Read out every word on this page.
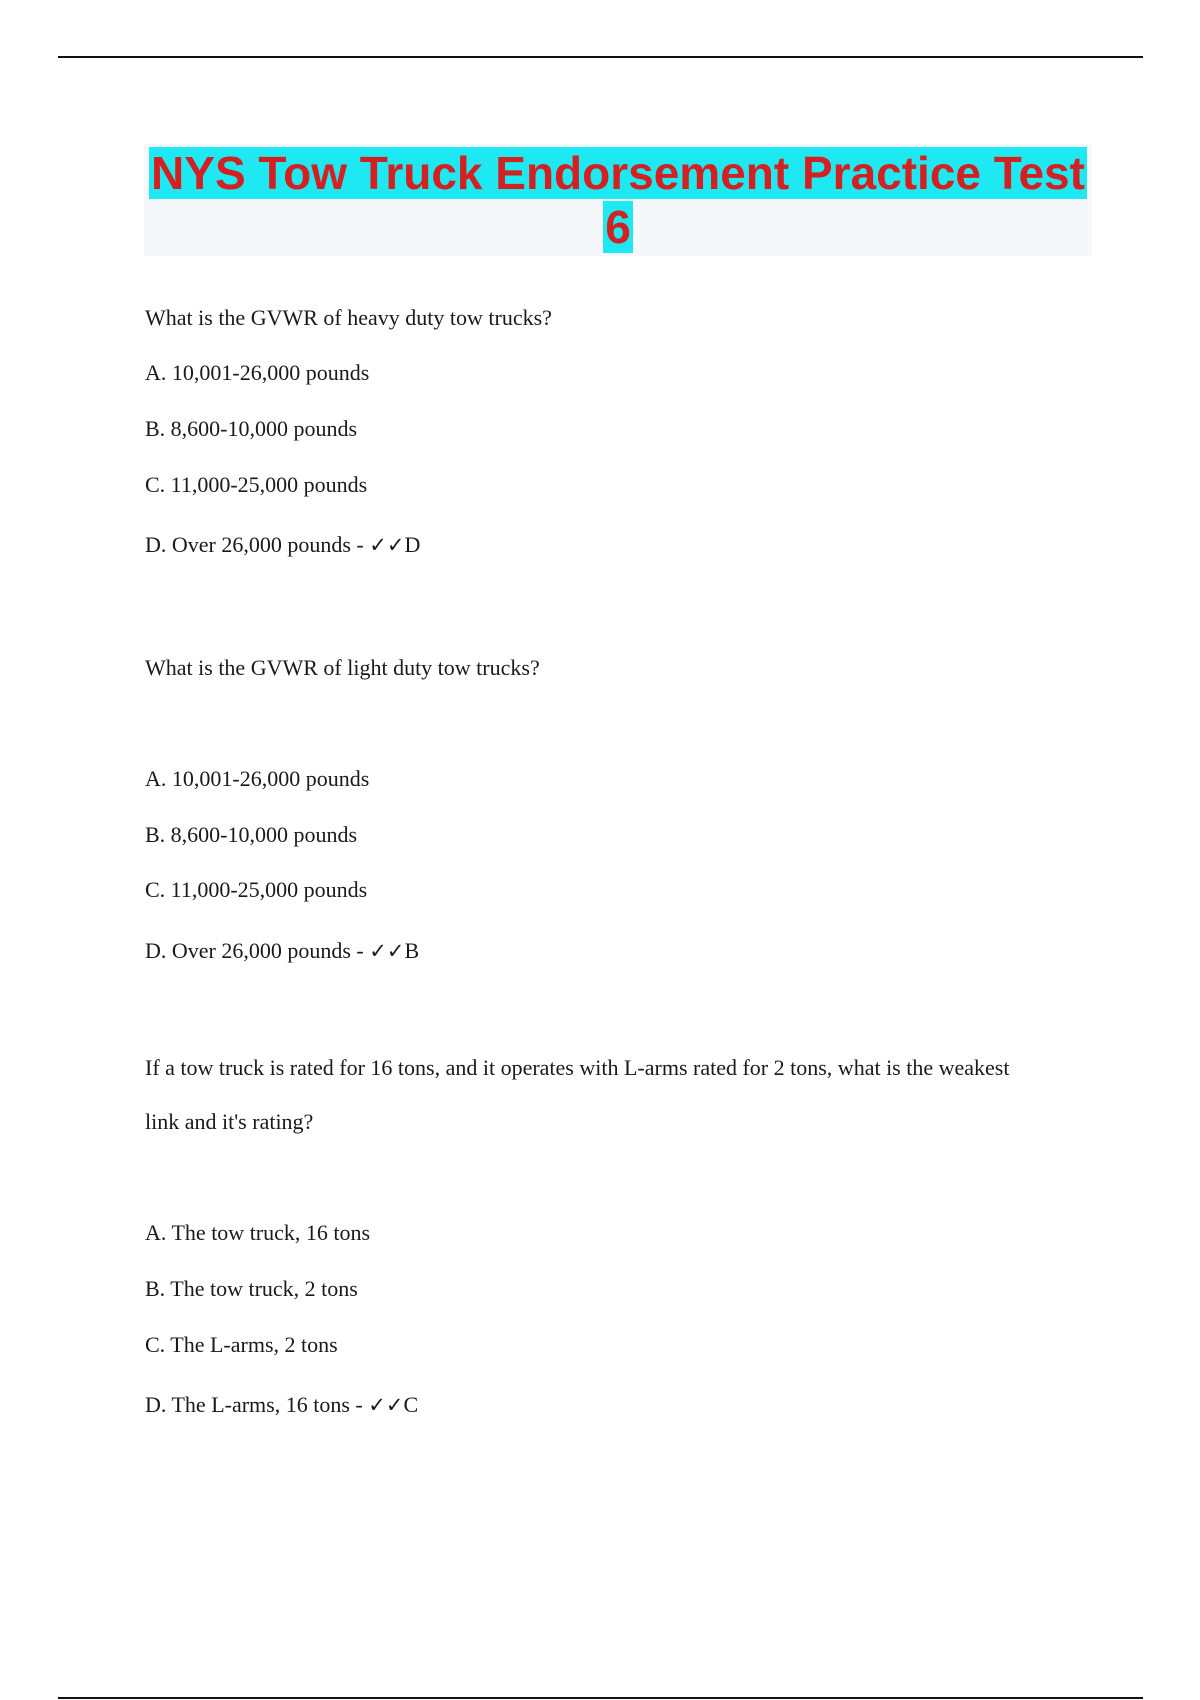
NYS Tow Truck Endorsement Practice Test 6
What is the GVWR of heavy duty tow trucks?
A. 10,001-26,000 pounds
B. 8,600-10,000 pounds
C. 11,000-25,000 pounds
D. Over 26,000 pounds - ✓✓D
What is the GVWR of light duty tow trucks?
A. 10,001-26,000 pounds
B. 8,600-10,000 pounds
C. 11,000-25,000 pounds
D. Over 26,000 pounds - ✓✓B
If a tow truck is rated for 16 tons, and it operates with L-arms rated for 2 tons, what is the weakest link and it's rating?
A. The tow truck, 16 tons
B. The tow truck, 2 tons
C. The L-arms, 2 tons
D. The L-arms, 16 tons - ✓✓C
